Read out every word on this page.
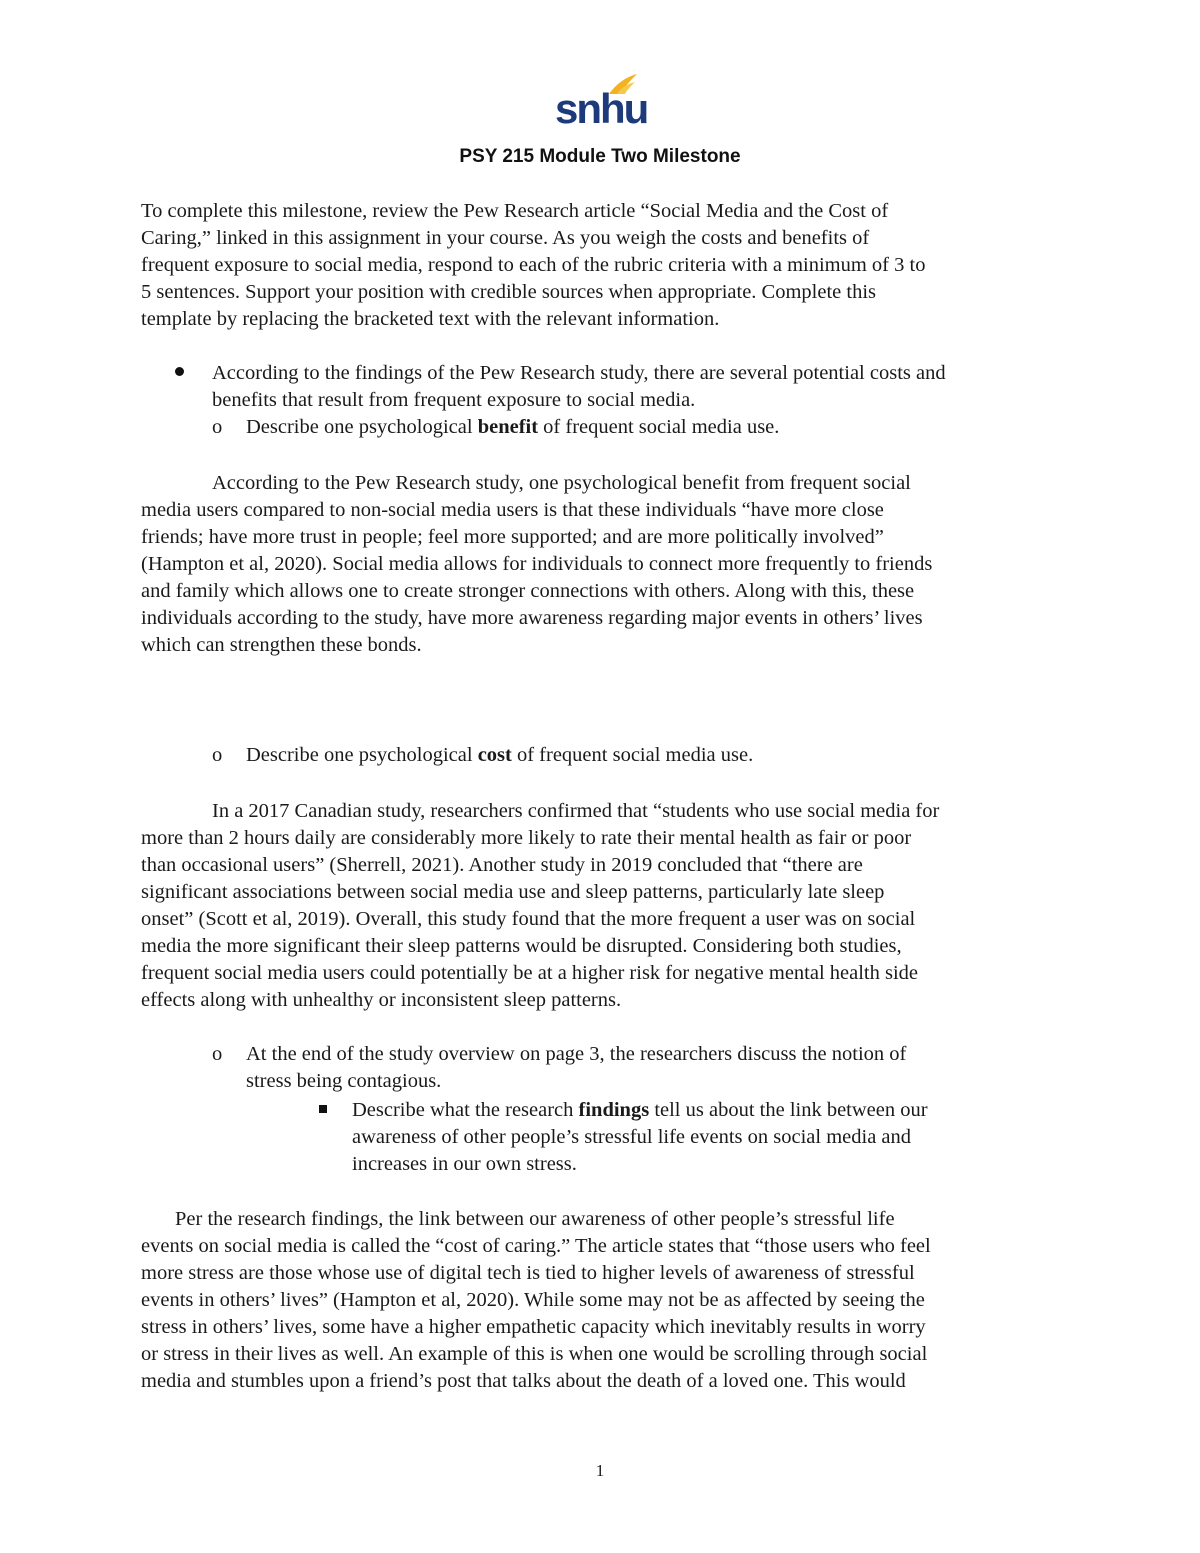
snhu
PSY 215 Module Two Milestone
To complete this milestone, review the Pew Research article “Social Media and the Cost of
Caring,” linked in this assignment in your course. As you weigh the costs and benefits of
frequent exposure to social media, respond to each of the rubric criteria with a minimum of 3 to
5 sentences. Support your position with credible sources when appropriate. Complete this
template by replacing the bracketed text with the relevant information.
According to the findings of the Pew Research study, there are several potential costs and
benefits that result from frequent exposure to social media.
o Describe one psychological benefit of frequent social media use.
According to the Pew Research study, one psychological benefit from frequent social
media users compared to non-social media users is that these individuals “have more close
friends; have more trust in people; feel more supported; and are more politically involved”
(Hampton et al, 2020). Social media allows for individuals to connect more frequently to friends
and family which allows one to create stronger connections with others. Along with this, these
individuals according to the study, have more awareness regarding major events in others’ lives
which can strengthen these bonds.
o Describe one psychological cost of frequent social media use.
In a 2017 Canadian study, researchers confirmed that “students who use social media for
more than 2 hours daily are considerably more likely to rate their mental health as fair or poor
than occasional users” (Sherrell, 2021). Another study in 2019 concluded that “there are
significant associations between social media use and sleep patterns, particularly late sleep
onset” (Scott et al, 2019). Overall, this study found that the more frequent a user was on social
media the more significant their sleep patterns would be disrupted. Considering both studies,
frequent social media users could potentially be at a higher risk for negative mental health side
effects along with unhealthy or inconsistent sleep patterns.
o At the end of the study overview on page 3, the researchers discuss the notion of
stress being contagious.
Describe what the research findings tell us about the link between our
awareness of other people’s stressful life events on social media and
increases in our own stress.
Per the research findings, the link between our awareness of other people’s stressful life
events on social media is called the “cost of caring.” The article states that “those users who feel
more stress are those whose use of digital tech is tied to higher levels of awareness of stressful
events in others’ lives” (Hampton et al, 2020). While some may not be as affected by seeing the
stress in others’ lives, some have a higher empathetic capacity which inevitably results in worry
or stress in their lives as well. An example of this is when one would be scrolling through social
media and stumbles upon a friend’s post that talks about the death of a loved one. This would
1
